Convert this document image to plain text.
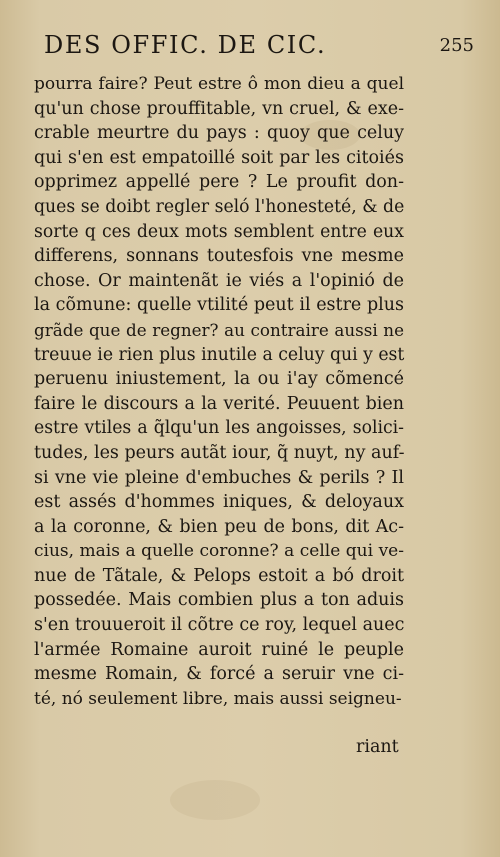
DES OFFIC. DE CIC.	255
pourra faire? Peut estre ô mon dieu a quel
qu'un chose prouffitable, vn cruel, & exe-
crable meurtre du pays : quoy que celuy
qui s'en est empatoillé soit par les citoiés
opprimez appellé pere ? Le proufit don-
ques se doibt regler seló l'honesteté, & de
sorte q ces deux mots semblent entre eux
differens, sonnans toutesfois vne mesme
chose. Or maintenãt ie viés a l'opinió de
la cõmune: quelle vtilité peut il estre plus
grãde que de regner? au contraire aussi ne
treuue ie rien plus inutile a celuy qui y est
peruenu iniustement, la ou i'ay cõmencé
faire le discours a la verité. Peuuent bien
estre vtiles a q̃lqu'un les angoisses, solici-
tudes, les peurs autãt iour, q̃ nuyt, ny auf-
si vne vie pleine d'embuches & perils ? Il
est assés d'hommes iniques, & deloyaux
a la coronne, & bien peu de bons, dit Ac-
cius, mais a quelle coronne? a celle qui ve-
nue de Tãtale, & Pelops estoit a bó droit
possedée. Mais combien plus a ton aduis
s'en trouueroit il cõtre ce roy, lequel auec
l'armée Romaine auroit ruiné le peuple
mesme Romain, & forcé a seruir vne ci-
té, nó seulement libre, mais aussi seigneu-
riant
